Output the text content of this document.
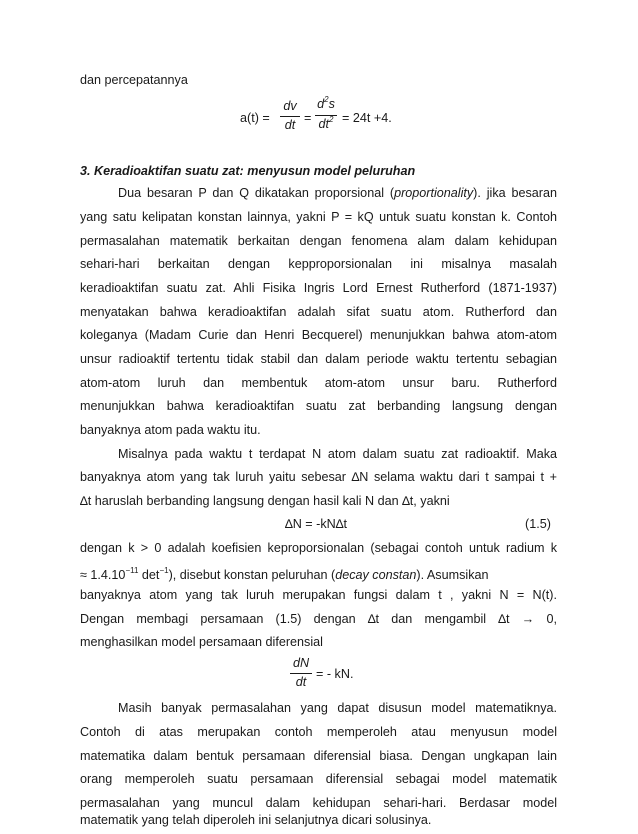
dan percepatannya
a(t) =
dv
dt =
$d^2s$
$dt^2 = 24t +4$.
3. Keradioaktifan suatu zat: menyusun model peluruhan
Dua besaran P dan Q dikatakan proporsional (proportionality). jika besaran
yang satu kelipatan konstan lainnya, yakni P = kQ untuk suatu konstan k. Contoh
permasalahan matematik berkaitan dengan fenomena alam dalam kehidupan
sehari-hari berkaitan dengan kepproporsionalan ini misalnya masalah
keradioaktifan suatu zat. Ahli Fisika Ingris Lord Ernest Rutherford (1871-1937)
menyatakan bahwa keradioaktifan adalah sifat suatu atom. Rutherford dan
koleganya (Madam Curie dan Henri Becquerel) menunjukkan bahwa atom-atom
unsur radioaktif tertentu tidak stabil dan dalam periode waktu tertentu sebagian
atom-atom luruh dan membentuk atom-atom unsur baru. Rutherford
menunjukkan bahwa keradioaktifan suatu zat berbanding langsung dengan
banyaknya atom pada waktu itu.
Misalnya pada waktu t terdapat N atom dalam suatu zat radioaktif. Maka
banyaknya atom yang tak luruh yaitu sebesar ∆N selama waktu dari t sampai t +
∆t haruslah berbanding langsung dengan hasil kali N dan ∆t, yakni
∆N = -kN∆t	(1.5)
dengan k > 0 adalah koefisien keproporsionalan (sebagai contoh untuk radium k
≈ $1.4.10^{-11}$ $\det^{-1}$), disebut konstan peluruhan (decay constan). Asumsikan
banyaknya atom yang tak luruh merupakan fungsi dalam t , yakni N = N(t).
Dengan membagi persamaan (1.5) dengan ∆t dan mengambil ∆t → 0,
menghasilkan model persamaan diferensial
dN
dt
= - kN.
Masih banyak permasalahan yang dapat disusun model matematiknya.
Contoh di atas merupakan contoh memperoleh atau menyusun model
matematika dalam bentuk persamaan diferensial biasa. Dengan ungkapan lain
orang memperoleh suatu persamaan diferensial sebagai model matematik
permasalahan yang muncul dalam kehidupan sehari-hari. Berdasar model
matematik yang telah diperoleh ini selanjutnya dicari solusinya.
